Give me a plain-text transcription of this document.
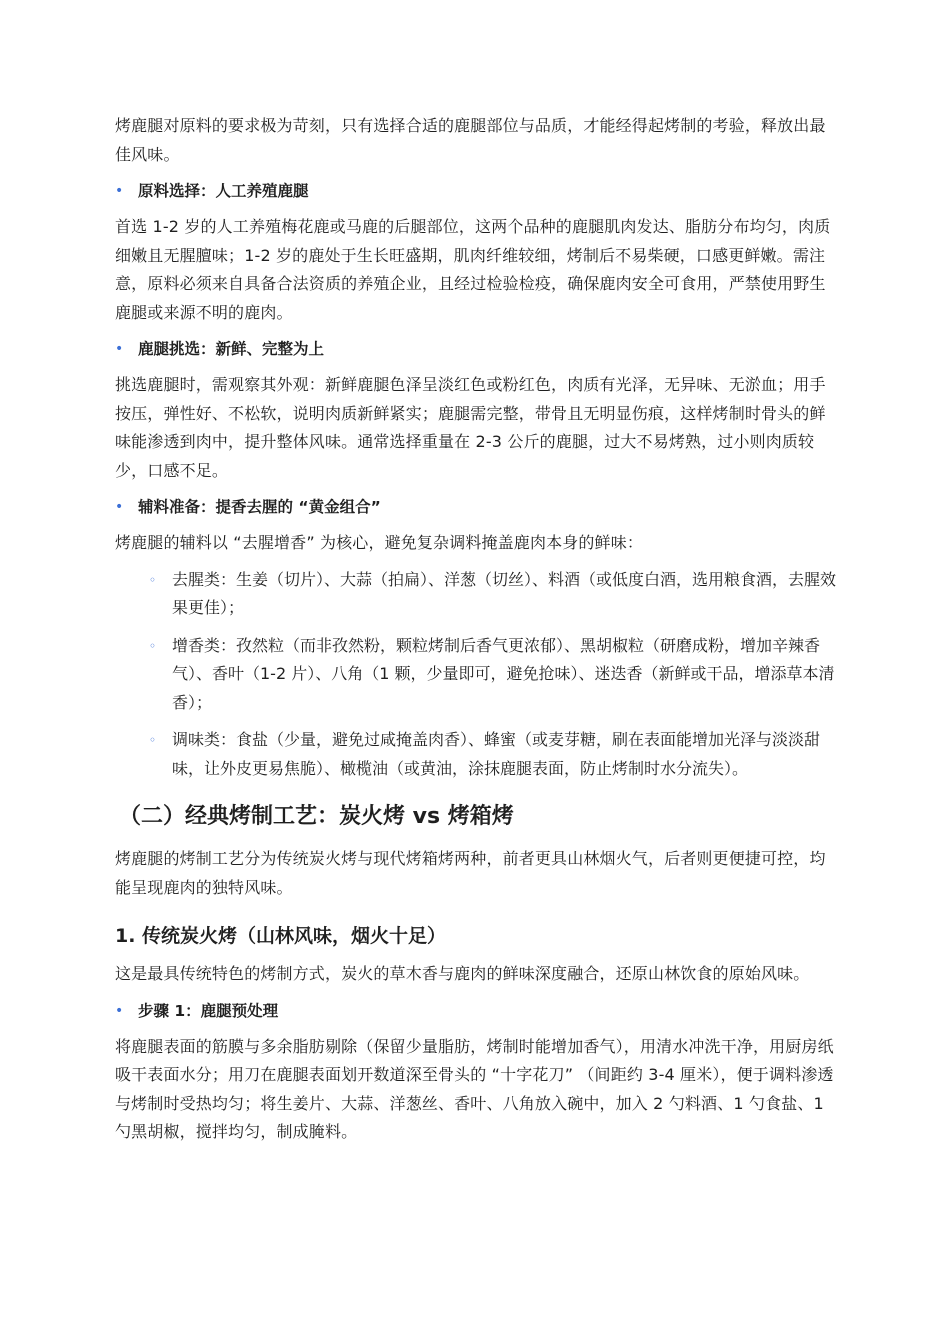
烤鹿腿对原料的要求极为苛刻，只有选择合适的鹿腿部位与品质，才能经得起烤制的考验，释放出最佳风味。

• 原料选择：人工养殖鹿腿

首选 1-2 岁的人工养殖梅花鹿或马鹿的后腿部位，这两个品种的鹿腿肌肉发达、脂肪分布均匀，肉质细嫩且无腥膻味；1-2 岁的鹿处于生长旺盛期，肌肉纤维较细，烤制后不易柴硬，口感更鲜嫩。需注意，原料必须来自具备合法资质的养殖企业，且经过检验检疫，确保鹿肉安全可食用，严禁使用野生鹿腿或来源不明的鹿肉。

• 鹿腿挑选：新鲜、完整为上

挑选鹿腿时，需观察其外观：新鲜鹿腿色泽呈淡红色或粉红色，肉质有光泽，无异味、无淤血；用手按压，弹性好、不松软，说明肉质新鲜紧实；鹿腿需完整，带骨且无明显伤痕，这样烤制时骨头的鲜味能渗透到肉中，提升整体风味。通常选择重量在 2-3 公斤的鹿腿，过大不易烤熟，过小则肉质较少，口感不足。

• 辅料准备：提香去腥的 “黄金组合”

烤鹿腿的辅料以 “去腥增香” 为核心，避免复杂调料掩盖鹿肉本身的鲜味：

◦ 去腥类：生姜（切片）、大蒜（拍扁）、洋葱（切丝）、料酒（或低度白酒，选用粮食酒，去腥效果更佳）；
◦ 增香类：孜然粒（而非孜然粉，颗粒烤制后香气更浓郁）、黑胡椒粒（研磨成粉，增加辛辣香气）、香叶（1-2 片）、八角（1 颗，少量即可，避免抢味）、迷迭香（新鲜或干品，增添草本清香）；
◦ 调味类：食盐（少量，避免过咸掩盖肉香）、蜂蜜（或麦芽糖，刷在表面能增加光泽与淡淡甜味，让外皮更易焦脆）、橄榄油（或黄油，涂抹鹿腿表面，防止烤制时水分流失）。
（二）经典烤制工艺：炭火烤 vs 烤箱烤

烤鹿腿的烤制工艺分为传统炭火烤与现代烤箱烤两种，前者更具山林烟火气，后者则更便捷可控，均能呈现鹿肉的独特风味。

1. 传统炭火烤（山林风味，烟火十足）

这是最具传统特色的烤制方式，炭火的草木香与鹿肉的鲜味深度融合，还原山林饮食的原始风味。

• 步骤 1：鹿腿预处理

将鹿腿表面的筋膜与多余脂肪剔除（保留少量脂肪，烤制时能增加香气），用清水冲洗干净，用厨房纸吸干表面水分；用刀在鹿腿表面划开数道深至骨头的 “十字花刀” （间距约 3-4 厘米），便于调料渗透与烤制时受热均匀；将生姜片、大蒜、洋葱丝、香叶、八角放入碗中，加入 2 勺料酒、1 勺食盐、1 勺黑胡椒，搅拌均匀，制成腌料。
